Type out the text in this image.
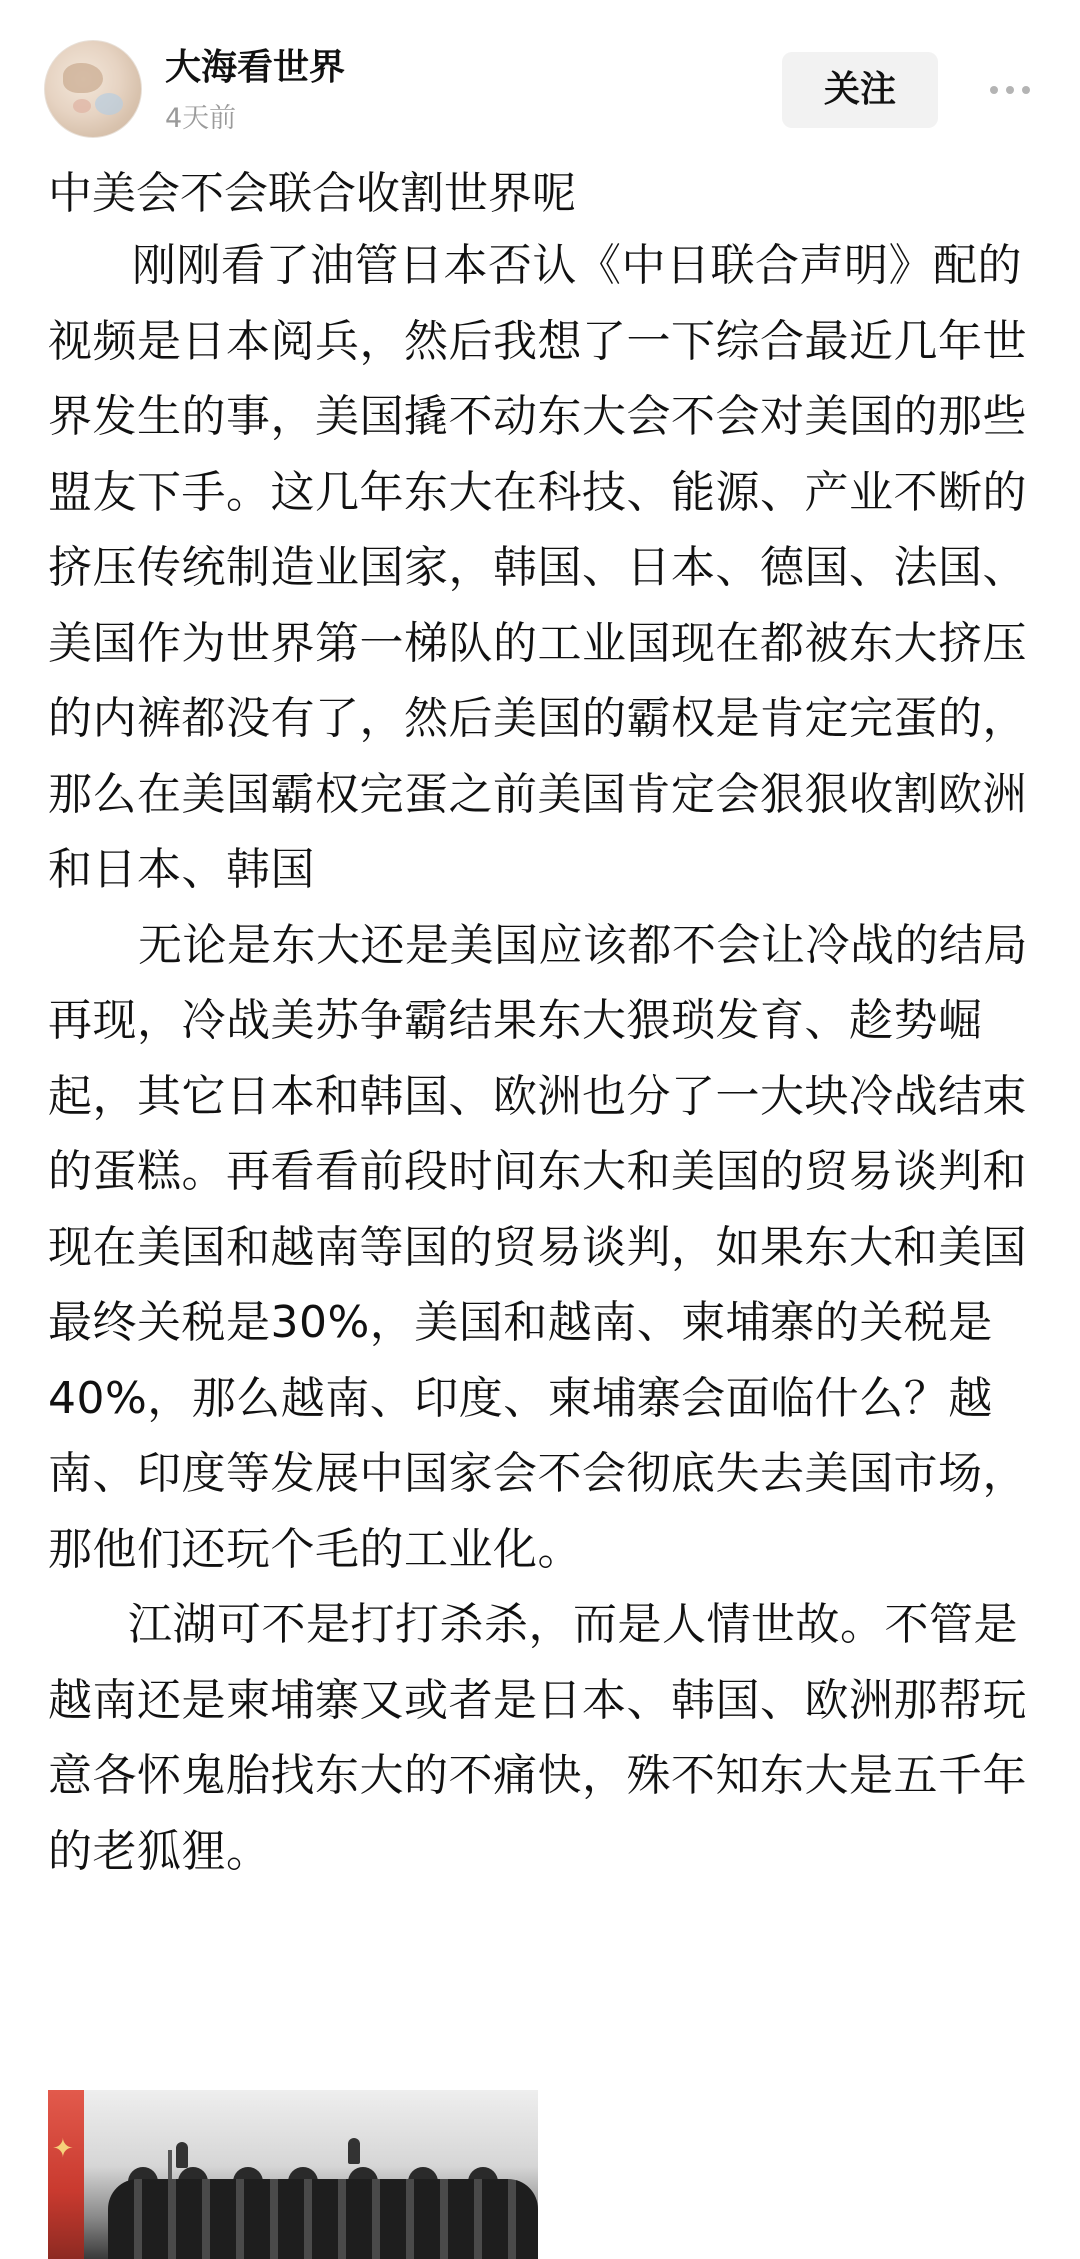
大海看世界
4天前
关注
中美会不会联合收割世界呢

刚刚看了油管日本否认《中日联合声明》配的视频是日本阅兵，然后我想了一下综合最近几年世界发生的事，美国撬不动东大会不会对美国的那些盟友下手。这几年东大在科技、能源、产业不断的挤压传统制造业国家，韩国、日本、德国、法国、美国作为世界第一梯队的工业国现在都被东大挤压的内裤都没有了，然后美国的霸权是肯定完蛋的，那么在美国霸权完蛋之前美国肯定会狠狠收割欧洲和日本、韩国

无论是东大还是美国应该都不会让冷战的结局再现，冷战美苏争霸结果东大猥琐发育、趁势崛起，其它日本和韩国、欧洲也分了一大块冷战结束的蛋糕。再看看前段时间东大和美国的贸易谈判和现在美国和越南等国的贸易谈判，如果东大和美国最终关税是30%，美国和越南、柬埔寨的关税是40%，那么越南、印度、柬埔寨会面临什么？越南、印度等发展中国家会不会彻底失去美国市场，那他们还玩个毛的工业化。

江湖可不是打打杀杀，而是人情世故。不管是越南还是柬埔寨又或者是日本、韩国、欧洲那帮玩意各怀鬼胎找东大的不痛快，殊不知东大是五千年的老狐狸。

✦
